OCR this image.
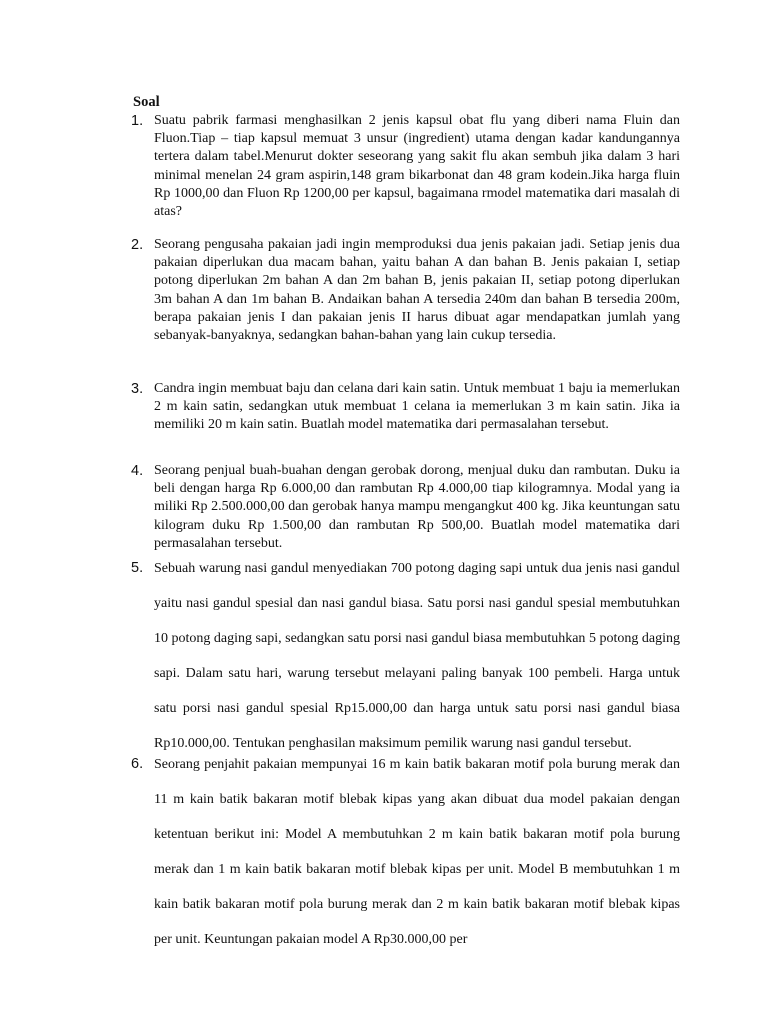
Soal
1. Suatu pabrik farmasi menghasilkan 2 jenis kapsul obat flu yang diberi nama Fluin dan Fluon.Tiap – tiap kapsul memuat 3 unsur (ingredient) utama dengan kadar kandungannya tertera dalam tabel.Menurut dokter seseorang yang sakit flu akan sembuh jika dalam 3 hari minimal menelan 24 gram aspirin,148 gram bikarbonat dan 48 gram kodein.Jika harga fluin Rp 1000,00 dan Fluon Rp 1200,00 per kapsul, bagaimana rmodel matematika dari masalah di atas?
2. Seorang pengusaha pakaian jadi ingin memproduksi dua jenis pakaian jadi. Setiap jenis dua pakaian diperlukan dua macam bahan, yaitu bahan A dan bahan B. Jenis pakaian I, setiap potong diperlukan 2m bahan A dan 2m bahan B, jenis pakaian II, setiap potong diperlukan 3m bahan A dan 1m bahan B. Andaikan bahan A tersedia 240m dan bahan B tersedia 200m, berapa pakaian jenis I dan pakaian jenis II harus dibuat agar mendapatkan jumlah yang sebanyak-banyaknya, sedangkan bahan-bahan yang lain cukup tersedia.
3. Candra ingin membuat baju dan celana dari kain satin. Untuk membuat 1 baju ia memerlukan 2 m kain satin, sedangkan utuk membuat 1 celana ia memerlukan 3 m kain satin. Jika ia memiliki 20 m kain satin. Buatlah model matematika dari permasalahan tersebut.
4. Seorang penjual buah-buahan dengan gerobak dorong, menjual duku dan rambutan. Duku ia beli dengan harga Rp 6.000,00 dan rambutan Rp 4.000,00 tiap kilogramnya. Modal yang ia miliki Rp 2.500.000,00 dan gerobak hanya mampu mengangkut 400 kg. Jika keuntungan satu kilogram duku Rp 1.500,00 dan rambutan Rp 500,00. Buatlah model matematika dari permasalahan tersebut.
5. Sebuah warung nasi gandul menyediakan 700 potong daging sapi untuk dua jenis nasi gandul yaitu nasi gandul spesial dan nasi gandul biasa. Satu porsi nasi gandul spesial membutuhkan 10 potong daging sapi, sedangkan satu porsi nasi gandul biasa membutuhkan 5 potong daging sapi. Dalam satu hari, warung tersebut melayani paling banyak 100 pembeli. Harga untuk satu porsi nasi gandul spesial Rp15.000,00 dan harga untuk satu porsi nasi gandul biasa Rp10.000,00. Tentukan penghasilan maksimum pemilik warung nasi gandul tersebut.
6. Seorang penjahit pakaian mempunyai 16 m kain batik bakaran motif pola burung merak dan 11 m kain batik bakaran motif blebak kipas yang akan dibuat dua model pakaian dengan ketentuan berikut ini: Model A membutuhkan 2 m kain batik bakaran motif pola burung merak dan 1 m kain batik bakaran motif blebak kipas per unit. Model B membutuhkan 1 m kain batik bakaran motif pola burung merak dan 2 m kain batik bakaran motif blebak kipas per unit. Keuntungan pakaian model A Rp30.000,00 per
